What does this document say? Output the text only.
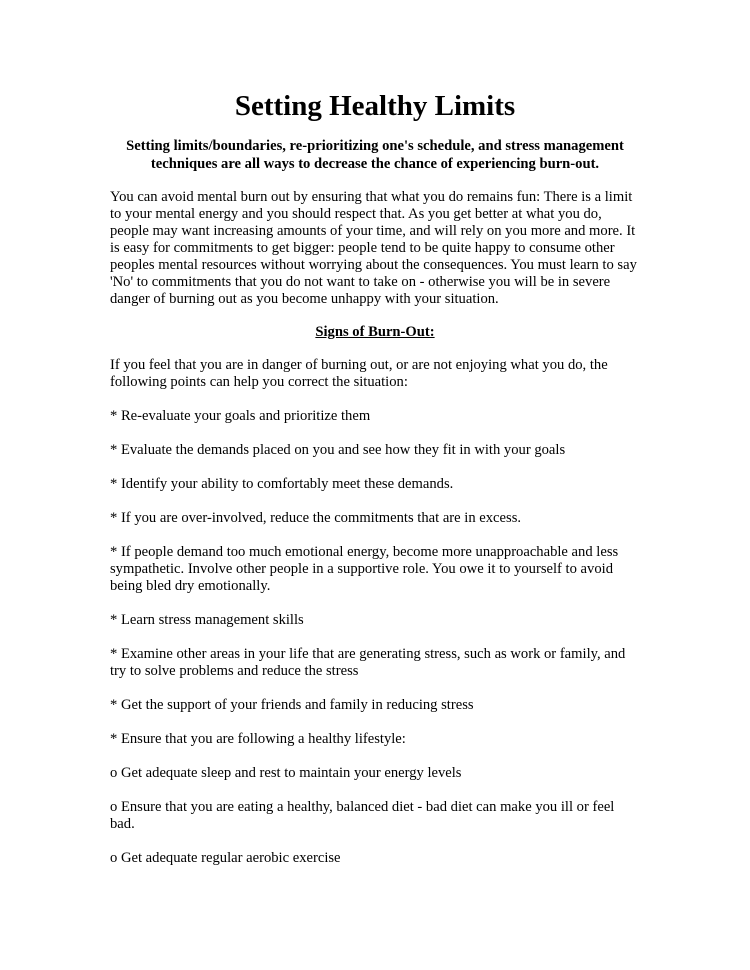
Setting Healthy Limits

Setting limits/boundaries, re-prioritizing one's schedule, and stress management techniques are all ways to decrease the chance of experiencing burn-out.

You can avoid mental burn out by ensuring that what you do remains fun: There is a limit to your mental energy and you should respect that. As you get better at what you do, people may want increasing amounts of your time, and will rely on you more and more. It is easy for commitments to get bigger: people tend to be quite happy to consume other peoples mental resources without worrying about the consequences. You must learn to say 'No' to commitments that you do not want to take on - otherwise you will be in severe danger of burning out as you become unhappy with your situation.

Signs of Burn-Out:

If you feel that you are in danger of burning out, or are not enjoying what you do, the following points can help you correct the situation:

* Re-evaluate your goals and prioritize them
* Evaluate the demands placed on you and see how they fit in with your goals
* Identify your ability to comfortably meet these demands.
* If you are over-involved, reduce the commitments that are in excess.
* If people demand too much emotional energy, become more unapproachable and less sympathetic. Involve other people in a supportive role. You owe it to yourself to avoid being bled dry emotionally.
* Learn stress management skills
* Examine other areas in your life that are generating stress, such as work or family, and try to solve problems and reduce the stress
* Get the support of your friends and family in reducing stress
* Ensure that you are following a healthy lifestyle:
o Get adequate sleep and rest to maintain your energy levels
o Ensure that you are eating a healthy, balanced diet - bad diet can make you ill or feel bad.
o Get adequate regular aerobic exercise
